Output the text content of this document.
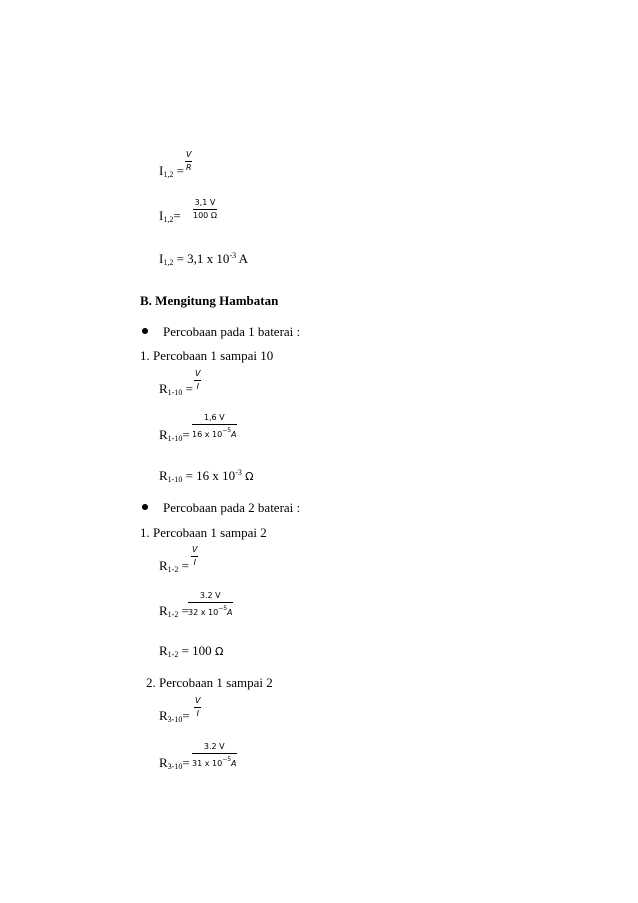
$I_{1,2} = \frac{V}{R}$
$I_{1,2}= \frac{3,1 V}{100 \Omega}$
$I_{1,2} = 3,1$ x $10^{-3}$ A
B. Mengitung Hambatan
Percobaan pada 1 baterai :
1. Percobaan 1 sampai 10
$R_{1-10} = \frac{V}{I}$
$R_{1-10}= \frac{1,6 V}{16 x 10^{-5}A}$
$R_{1-10} = 16$ x $10^{-3}$ Ω
Percobaan pada 2 baterai :
1. Percobaan 1 sampai 2
$R_{1-2} = \frac{V}{I}$
$R_{1-2} = \frac{3.2 V}{32 x 10^{-5}A}$
$R_{1-2} = 100$ Ω
2. Percobaan 1 sampai 2
$R_{3-10}= \frac{V}{I}$
$R_{3-10}= \frac{3.2 V}{31 x 10^{-5}A}$
